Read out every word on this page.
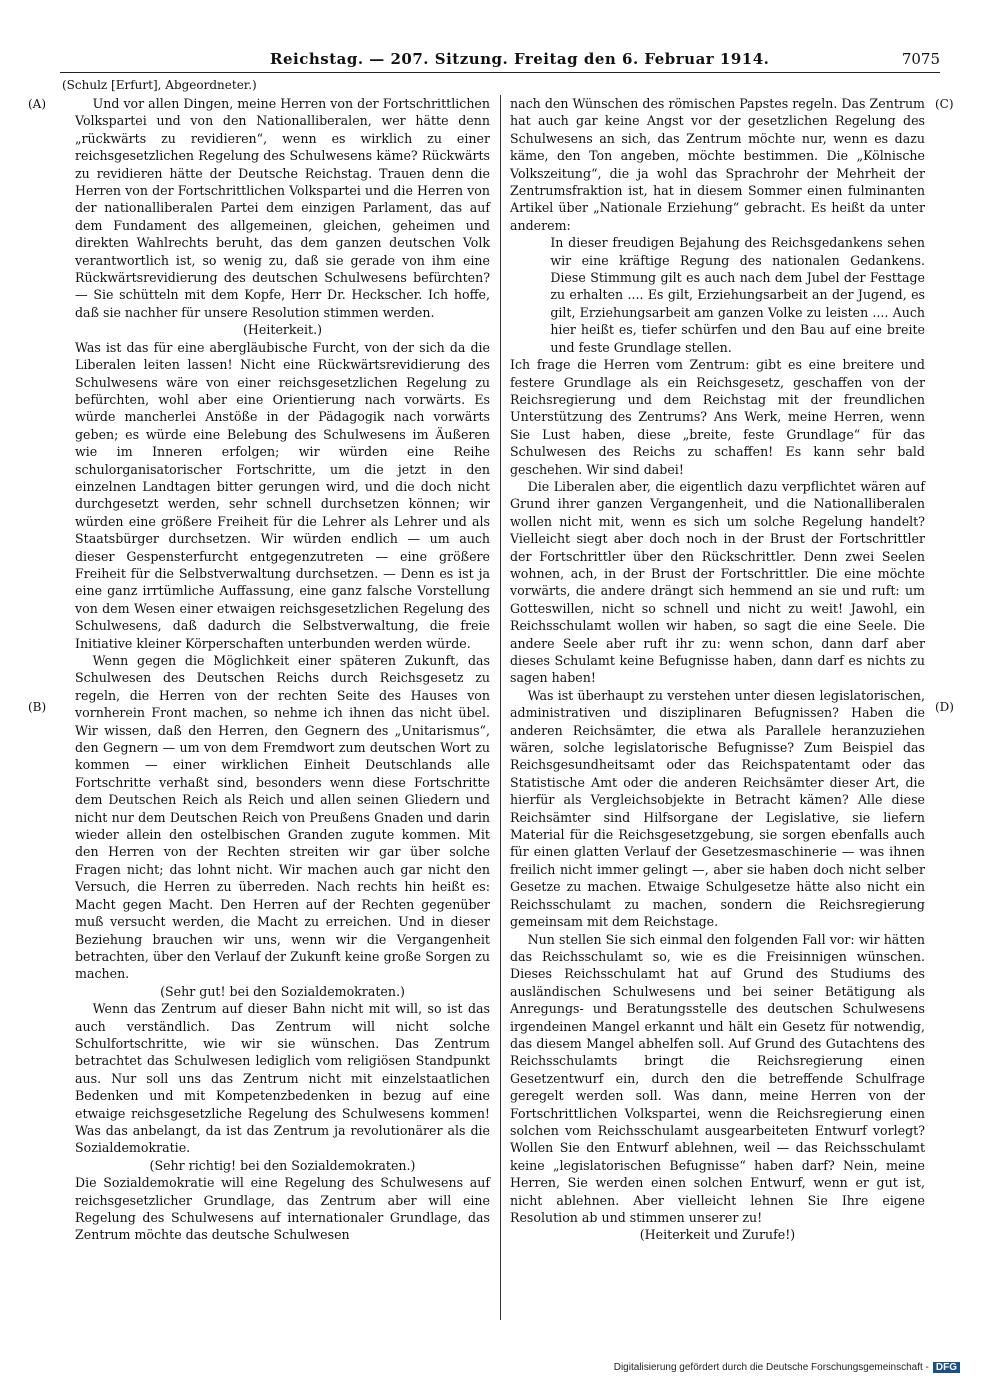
Reichstag. — 207. Sitzung. Freitag den 6. Februar 1914.	7075
(Schulz [Erfurt], Abgeordneter.)
(A)
(B)
(C)
(D)

Und vor allen Dingen, meine Herren von der Fortschrittlichen Volkspartei und von den Nationalliberalen, wer hätte denn „rückwärts zu revidieren“, wenn es wirklich zu einer reichsgesetzlichen Regelung des Schulwesens käme? Rückwärts zu revidieren hätte der Deutsche Reichstag. Trauen denn die Herren von der Fortschrittlichen Volkspartei und die Herren von der nationalliberalen Partei dem einzigen Parlament, das auf dem Fundament des allgemeinen, gleichen, geheimen und direkten Wahlrechts beruht, das dem ganzen deutschen Volk verantwortlich ist, so wenig zu, daß sie gerade von ihm eine Rückwärtsrevidierung des deutschen Schulwesens befürchten? — Sie schütteln mit dem Kopfe, Herr Dr. Heckscher. Ich hoffe, daß sie nachher für unsere Resolution stimmen werden.

(Heiterkeit.)

Was ist das für eine abergläubische Furcht, von der sich da die Liberalen leiten lassen! Nicht eine Rückwärtsrevidierung des Schulwesens wäre von einer reichsgesetzlichen Regelung zu befürchten, wohl aber eine Orientierung nach vorwärts. Es würde mancherlei Anstöße in der Pädagogik nach vorwärts geben; es würde eine Belebung des Schulwesens im Äußeren wie im Inneren erfolgen; wir würden eine Reihe schulorganisatorischer Fortschritte, um die jetzt in den einzelnen Landtagen bitter gerungen wird, und die doch nicht durchgesetzt werden, sehr schnell durchsetzen können; wir würden eine größere Freiheit für die Lehrer als Lehrer und als Staatsbürger durchsetzen. Wir würden endlich — um auch dieser Gespensterfurcht entgegenzutreten — eine größere Freiheit für die Selbstverwaltung durchsetzen. — Denn es ist ja eine ganz irrtümliche Auffassung, eine ganz falsche Vorstellung von dem Wesen einer etwaigen reichsgesetzlichen Regelung des Schulwesens, daß dadurch die Selbstverwaltung, die freie Initiative kleiner Körperschaften unterbunden werden würde.

Wenn gegen die Möglichkeit einer späteren Zukunft, das Schulwesen des Deutschen Reichs durch Reichsgesetz zu regeln, die Herren von der rechten Seite des Hauses von vornherein Front machen, so nehme ich ihnen das nicht übel. Wir wissen, daß den Herren, den Gegnern des „Unitarismus“, den Gegnern — um von dem Fremdwort zum deutschen Wort zu kommen — einer wirklichen Einheit Deutschlands alle Fortschritte verhaßt sind, besonders wenn diese Fortschritte dem Deutschen Reich als Reich und allen seinen Gliedern und nicht nur dem Deutschen Reich von Preußens Gnaden und darin wieder allein den ostelbischen Granden zugute kommen. Mit den Herren von der Rechten streiten wir gar über solche Fragen nicht; das lohnt nicht. Wir machen auch gar nicht den Versuch, die Herren zu überreden. Nach rechts hin heißt es: Macht gegen Macht. Den Herren auf der Rechten gegenüber muß versucht werden, die Macht zu erreichen. Und in dieser Beziehung brauchen wir uns, wenn wir die Vergangenheit betrachten, über den Verlauf der Zukunft keine große Sorgen zu machen.

(Sehr gut! bei den Sozialdemokraten.)

Wenn das Zentrum auf dieser Bahn nicht mit will, so ist das auch verständlich. Das Zentrum will nicht solche Schulfortschritte, wie wir sie wünschen. Das Zentrum betrachtet das Schulwesen lediglich vom religiösen Standpunkt aus. Nur soll uns das Zentrum nicht mit einzelstaatlichen Bedenken und mit Kompetenzbedenken in bezug auf eine etwaige reichsgesetzliche Regelung des Schulwesens kommen! Was das anbelangt, da ist das Zentrum ja revolutionärer als die Sozialdemokratie.

(Sehr richtig! bei den Sozialdemokraten.)

Die Sozialdemokratie will eine Regelung des Schulwesens auf reichsgesetzlicher Grundlage, das Zentrum aber will eine Regelung des Schulwesens auf internationaler Grundlage, das Zentrum möchte das deutsche Schulwesen

nach den Wünschen des römischen Papstes regeln. Das Zentrum hat auch gar keine Angst vor der gesetzlichen Regelung des Schulwesens an sich, das Zentrum möchte nur, wenn es dazu käme, den Ton angeben, möchte bestimmen. Die „Kölnische Volkszeitung“, die ja wohl das Sprachrohr der Mehrheit der Zentrumsfraktion ist, hat in diesem Sommer einen fulminanten Artikel über „Nationale Erziehung“ gebracht. Es heißt da unter anderem:

In dieser freudigen Bejahung des Reichsgedankens sehen wir eine kräftige Regung des nationalen Gedankens. Diese Stimmung gilt es auch nach dem Jubel der Festtage zu erhalten .... Es gilt, Erziehungsarbeit an der Jugend, es gilt, Erziehungsarbeit am ganzen Volke zu leisten .... Auch hier heißt es, tiefer schürfen und den Bau auf eine breite und feste Grundlage stellen.

Ich frage die Herren vom Zentrum: gibt es eine breitere und festere Grundlage als ein Reichsgesetz, geschaffen von der Reichsregierung und dem Reichstag mit der freundlichen Unterstützung des Zentrums? Ans Werk, meine Herren, wenn Sie Lust haben, diese „breite, feste Grundlage“ für das Schulwesen des Reichs zu schaffen! Es kann sehr bald geschehen. Wir sind dabei!

Die Liberalen aber, die eigentlich dazu verpflichtet wären auf Grund ihrer ganzen Vergangenheit, und die Nationalliberalen wollen nicht mit, wenn es sich um solche Regelung handelt? Vielleicht siegt aber doch noch in der Brust der Fortschrittler der Fortschrittler über den Rückschrittler. Denn zwei Seelen wohnen, ach, in der Brust der Fortschrittler. Die eine möchte vorwärts, die andere drängt sich hemmend an sie und ruft: um Gotteswillen, nicht so schnell und nicht zu weit! Jawohl, ein Reichsschulamt wollen wir haben, so sagt die eine Seele. Die andere Seele aber ruft ihr zu: wenn schon, dann darf aber dieses Schulamt keine Befugnisse haben, dann darf es nichts zu sagen haben!

Was ist überhaupt zu verstehen unter diesen legislatorischen, administrativen und disziplinaren Befugnissen? Haben die anderen Reichsämter, die etwa als Parallele heranzuziehen wären, solche legislatorische Befugnisse? Zum Beispiel das Reichsgesundheitsamt oder das Reichspatentamt oder das Statistische Amt oder die anderen Reichsämter dieser Art, die hierfür als Vergleichsobjekte in Betracht kämen? Alle diese Reichsämter sind Hilfsorgane der Legislative, sie liefern Material für die Reichsgesetzgebung, sie sorgen ebenfalls auch für einen glatten Verlauf der Gesetzesmaschinerie — was ihnen freilich nicht immer gelingt —, aber sie haben doch nicht selber Gesetze zu machen. Etwaige Schulgesetze hätte also nicht ein Reichsschulamt zu machen, sondern die Reichsregierung gemeinsam mit dem Reichstage.

Nun stellen Sie sich einmal den folgenden Fall vor: wir hätten das Reichsschulamt so, wie es die Freisinnigen wünschen. Dieses Reichsschulamt hat auf Grund des Studiums des ausländischen Schulwesens und bei seiner Betätigung als Anregungs- und Beratungsstelle des deutschen Schulwesens irgendeinen Mangel erkannt und hält ein Gesetz für notwendig, das diesem Mangel abhelfen soll. Auf Grund des Gutachtens des Reichsschulamts bringt die Reichsregierung einen Gesetzentwurf ein, durch den die betreffende Schulfrage geregelt werden soll. Was dann, meine Herren von der Fortschrittlichen Volkspartei, wenn die Reichsregierung einen solchen vom Reichsschulamt ausgearbeiteten Entwurf vorlegt? Wollen Sie den Entwurf ablehnen, weil — das Reichsschulamt keine „legislatorischen Befugnisse“ haben darf? Nein, meine Herren, Sie werden einen solchen Entwurf, wenn er gut ist, nicht ablehnen. Aber vielleicht lehnen Sie Ihre eigene Resolution ab und stimmen unserer zu!

(Heiterkeit und Zurufe!)

Digitalisierung gefördert durch die Deutsche Forschungsgemeinschaft - DFG
